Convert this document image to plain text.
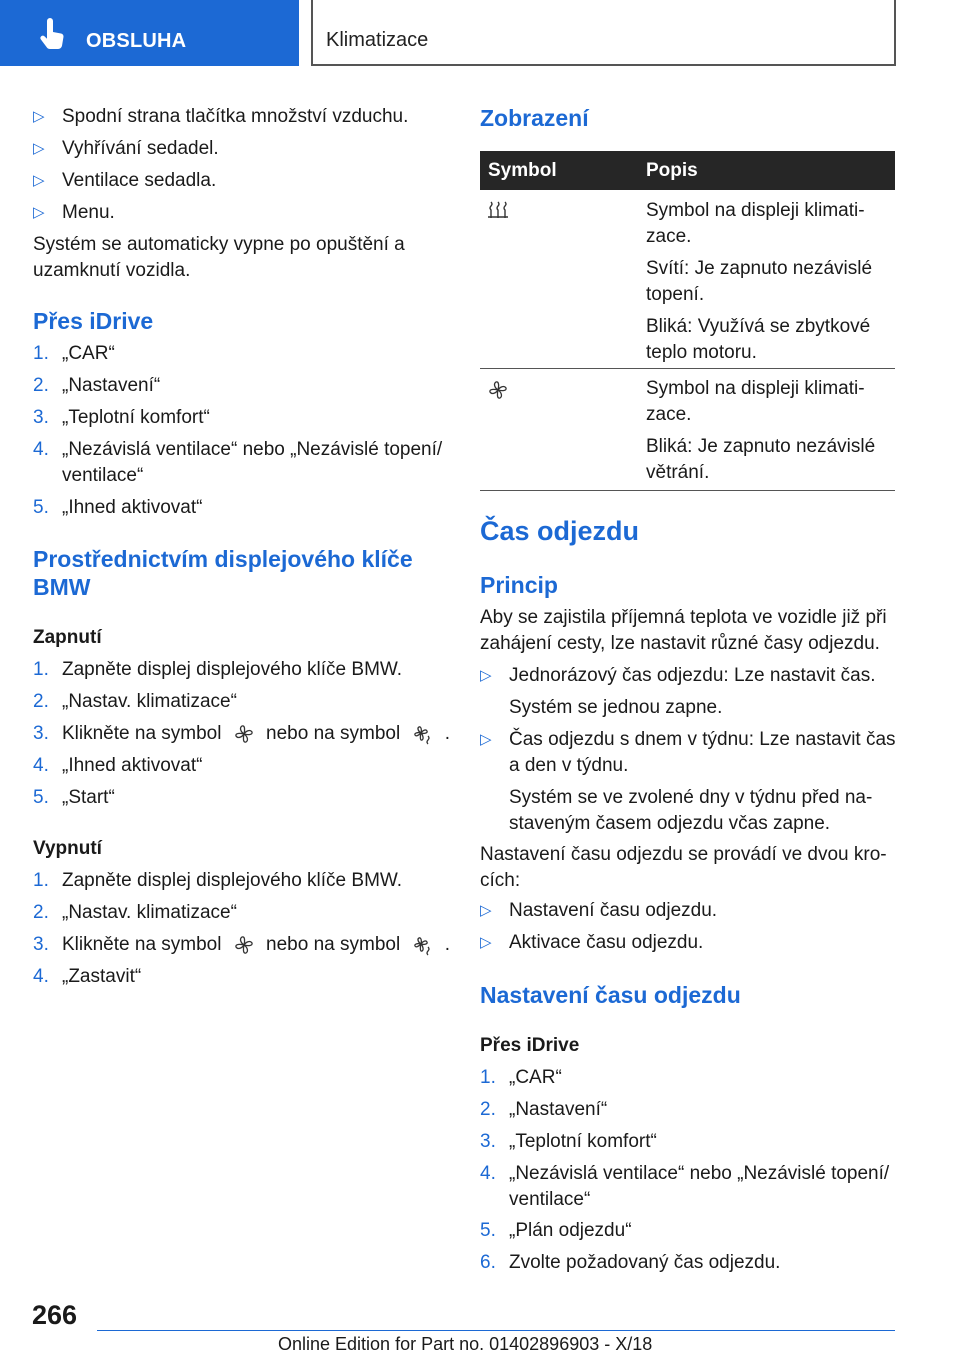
OBSLUHA	Klimatizace
▷ Spodní strana tlačítka množství vzduchu.
▷ Vyhřívání sedadel.
▷ Ventilace sedadla.
▷ Menu.
Systém se automaticky vypne po opuštění a
uzamknutí vozidla.
Přes iDrive
1. „CAR“
2. „Nastavení“
3. „Teplotní komfort“
4. „Nezávislá ventilace“ nebo „Nezávislé topení/
ventilace“
5. „Ihned aktivovat“
Prostřednictvím displejového klíče
BMW
Zapnutí
1. Zapněte displej displejového klíče BMW.
2. „Nastav. klimatizace“
3. Klikněte na symbol nebo na symbol .
4. „Ihned aktivovat“
5. „Start“
Vypnutí
1. Zapněte displej displejového klíče BMW.
2. „Nastav. klimatizace“
3. Klikněte na symbol nebo na symbol .
4. „Zastavit“
Zobrazení
Symbol	Popis
Symbol na displeji klimati-
zace.
Svítí: Je zapnuto nezávislé
topení.
Bliká: Využívá se zbytkové
teplo motoru.
Symbol na displeji klimati-
zace.
Bliká: Je zapnuto nezávislé
větrání.
Čas odjezdu
Princip
Aby se zajistila příjemná teplota ve vozidle již při
zahájení cesty, lze nastavit různé časy odjezdu.
▷ Jednorázový čas odjezdu: Lze nastavit čas.
Systém se jednou zapne.
▷ Čas odjezdu s dnem v týdnu: Lze nastavit čas
a den v týdnu.
Systém se ve zvolené dny v týdnu před na-
staveným časem odjezdu včas zapne.
Nastavení času odjezdu se provádí ve dvou kro-
cích:
▷ Nastavení času odjezdu.
▷ Aktivace času odjezdu.
Nastavení času odjezdu
Přes iDrive
1. „CAR“
2. „Nastavení“
3. „Teplotní komfort“
4. „Nezávislá ventilace“ nebo „Nezávislé topení/
ventilace“
5. „Plán odjezdu“
6. Zvolte požadovaný čas odjezdu.
266
Online Edition for Part no. 01402896903 - X/18
